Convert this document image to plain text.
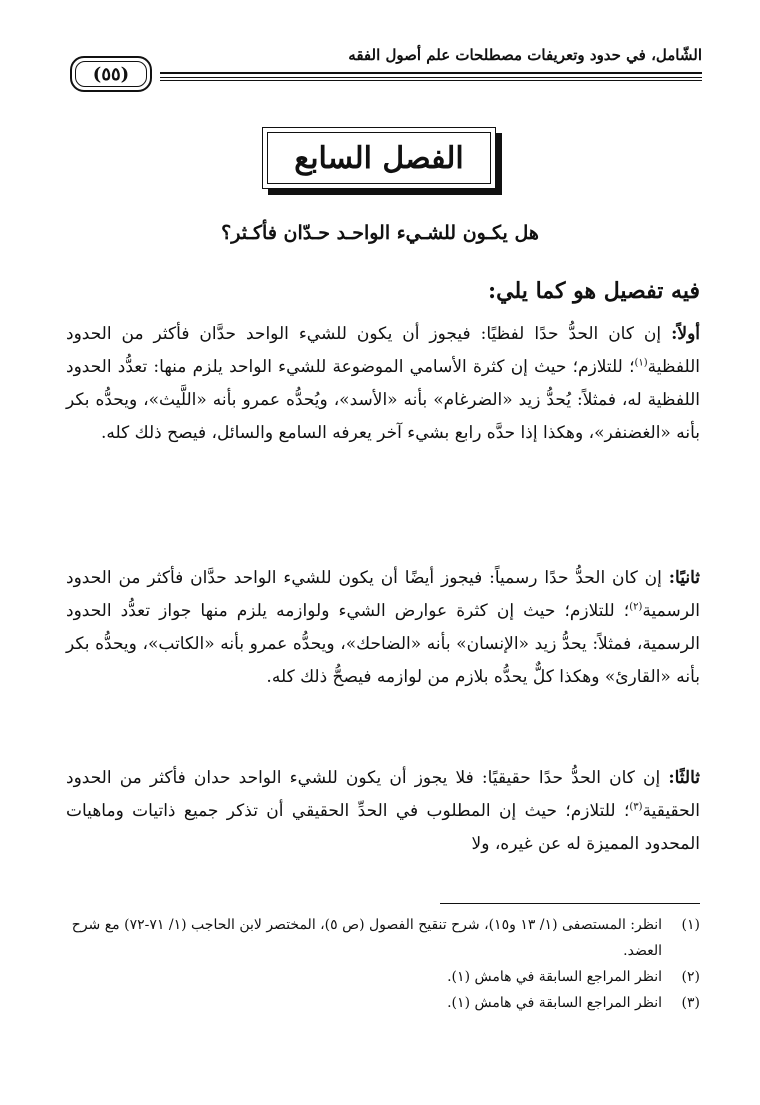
الشّامل، في حدود وتعريفات مصطلحات علم أصول الفقه
(٥٥)
الفصل السابع
هل يكـون للشـيء الواحـد حـدّان فأكـثر؟
فيه تفصيل هو كما يلي:
أولاً: إن كان الحدُّ حدًا لفظيًا: فيجوز أن يكون للشيء الواحد حدَّان فأكثر من الحدود اللفظية$^{(١)}$؛ للتلازم؛ حيث إن كثرة الأسامي الموضوعة للشيء الواحد يلزم منها: تعدُّد الحدود اللفظية له، فمثلاً: يُحدُّ زيد «الضرغام» بأنه «الأسد»، ويُحدُّه عمرو بأنه «اللَّيث»، ويحدُّه بكر بأنه «الغضنفر»، وهكذا إذا حدَّه رابع بشيء آخر يعرفه السامع والسائل، فيصح ذلك كله.
ثانيًا: إن كان الحدُّ حدًا رسمياً: فيجوز أيضًا أن يكون للشيء الواحد حدَّان فأكثر من الحدود الرسمية$^{(٢)}$؛ للتلازم؛ حيث إن كثرة عوارض الشيء ولوازمه يلزم منها جواز تعدُّد الحدود الرسمية، فمثلاً: يحدُّ زيد «الإنسان» بأنه «الضاحك»، ويحدُّه عمرو بأنه «الكاتب»، ويحدُّه بكر بأنه «القارئ» وهكذا كلٌّ يحدُّه بلازم من لوازمه فيصحُّ ذلك كله.
ثالثًا: إن كان الحدُّ حدًا حقيقيًا: فلا يجوز أن يكون للشيء الواحد حدان فأكثر من الحدود الحقيقية$^{(٣)}$؛ للتلازم؛ حيث إن المطلوب في الحدِّ الحقيقي أن تذكر جميع ذاتيات وماهيات المحدود المميزة له عن غيره، ولا
(١)انظر: المستصفى (١/ ١٣ و١٥)، شرح تنقيح الفصول (ص ٥)، المختصر لابن الحاجب (١/ ٧١-٧٢) مع شرح العضد.
(٢)انظر المراجع السابقة في هامش (١).
(٣)انظر المراجع السابقة في هامش (١).
